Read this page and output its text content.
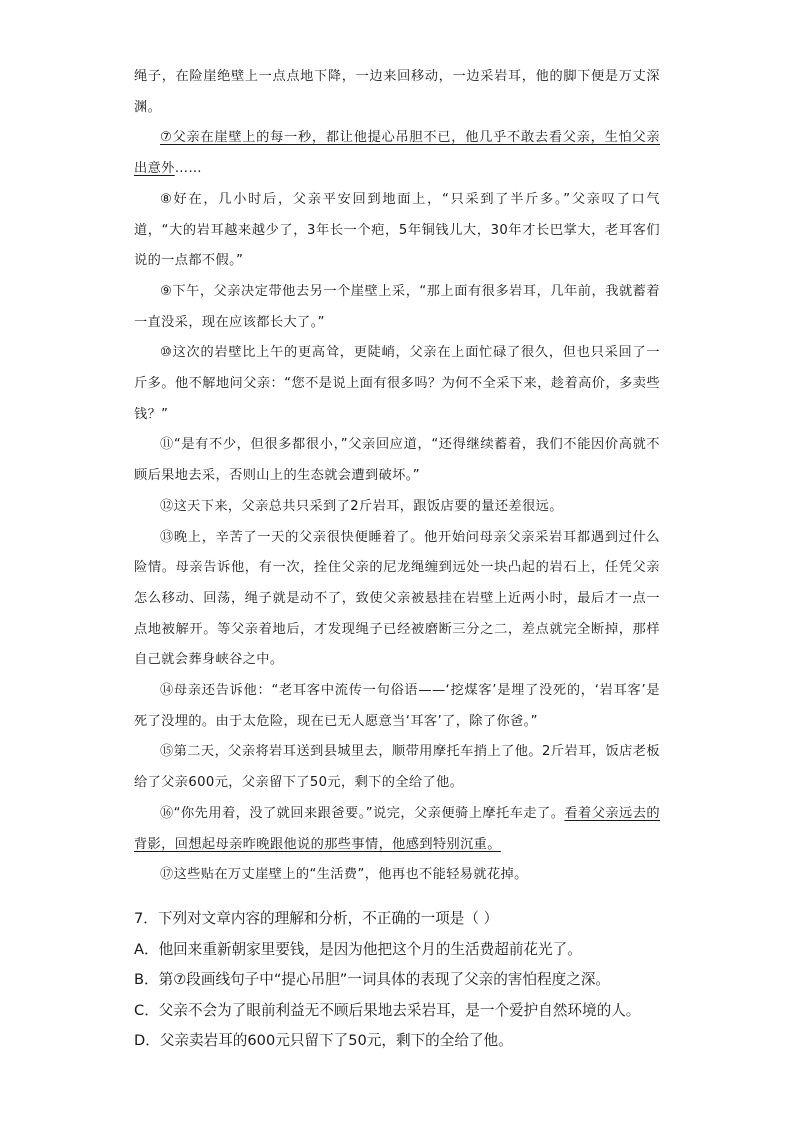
绳子，在险崖绝壁上一点点地下降，一边来回移动，一边采岩耳，他的脚下便是万丈深渊。

⑦父亲在崖壁上的每一秒，都让他提心吊胆不已，他几乎不敢去看父亲，生怕父亲出意外……

⑧好在，几小时后，父亲平安回到地面上，“只采到了半斤多。”父亲叹了口气道，“大的岩耳越来越少了，3年长一个疤，5年铜钱儿大，30年才长巴掌大，老耳客们说的一点都不假。”

⑨下午，父亲决定带他去另一个崖壁上采，“那上面有很多岩耳，几年前，我就蓄着一直没采，现在应该都长大了。”

⑩这次的岩壁比上午的更高耸，更陡峭，父亲在上面忙碌了很久，但也只采回了一斤多。他不解地问父亲：“您不是说上面有很多吗？为何不全采下来，趁着高价，多卖些钱？”

⑪“是有不少，但很多都很小，”父亲回应道，“还得继续蓄着，我们不能因价高就不顾后果地去采，否则山上的生态就会遭到破坏。”

⑫这天下来，父亲总共只采到了2斤岩耳，跟饭店要的量还差很远。

⑬晚上，辛苦了一天的父亲很快便睡着了。他开始问母亲父亲采岩耳都遇到过什么险情。母亲告诉他，有一次，拴住父亲的尼龙绳缠到远处一块凸起的岩石上，任凭父亲怎么移动、回荡，绳子就是动不了，致使父亲被悬挂在岩壁上近两小时，最后才一点一点地被解开。等父亲着地后，才发现绳子已经被磨断三分之二，差点就完全断掉，那样自己就会葬身峡谷之中。

⑭母亲还告诉他：“老耳客中流传一句俗语——‘挖煤客’是埋了没死的，‘岩耳客’是死了没埋的。由于太危险，现在已无人愿意当‘耳客’了，除了你爸。”

⑮第二天，父亲将岩耳送到县城里去，顺带用摩托车捎上了他。2斤岩耳，饭店老板给了父亲600元，父亲留下了50元，剩下的全给了他。

⑯“你先用着，没了就回来跟爸要。”说完，父亲便骑上摩托车走了。看着父亲远去的背影，回想起母亲昨晚跟他说的那些事情，他感到特别沉重。

⑰这些贴在万丈崖壁上的“生活费”，他再也不能轻易就花掉。

7．下列对文章内容的理解和分析，不正确的一项是（ ）

A．他回来重新朝家里要钱，是因为他把这个月的生活费超前花光了。

B．第⑦段画线句子中“提心吊胆”一词具体的表现了父亲的害怕程度之深。

C．父亲不会为了眼前利益无不顾后果地去采岩耳，是一个爱护自然环境的人。

D．父亲卖岩耳的600元只留下了50元，剩下的全给了他。
